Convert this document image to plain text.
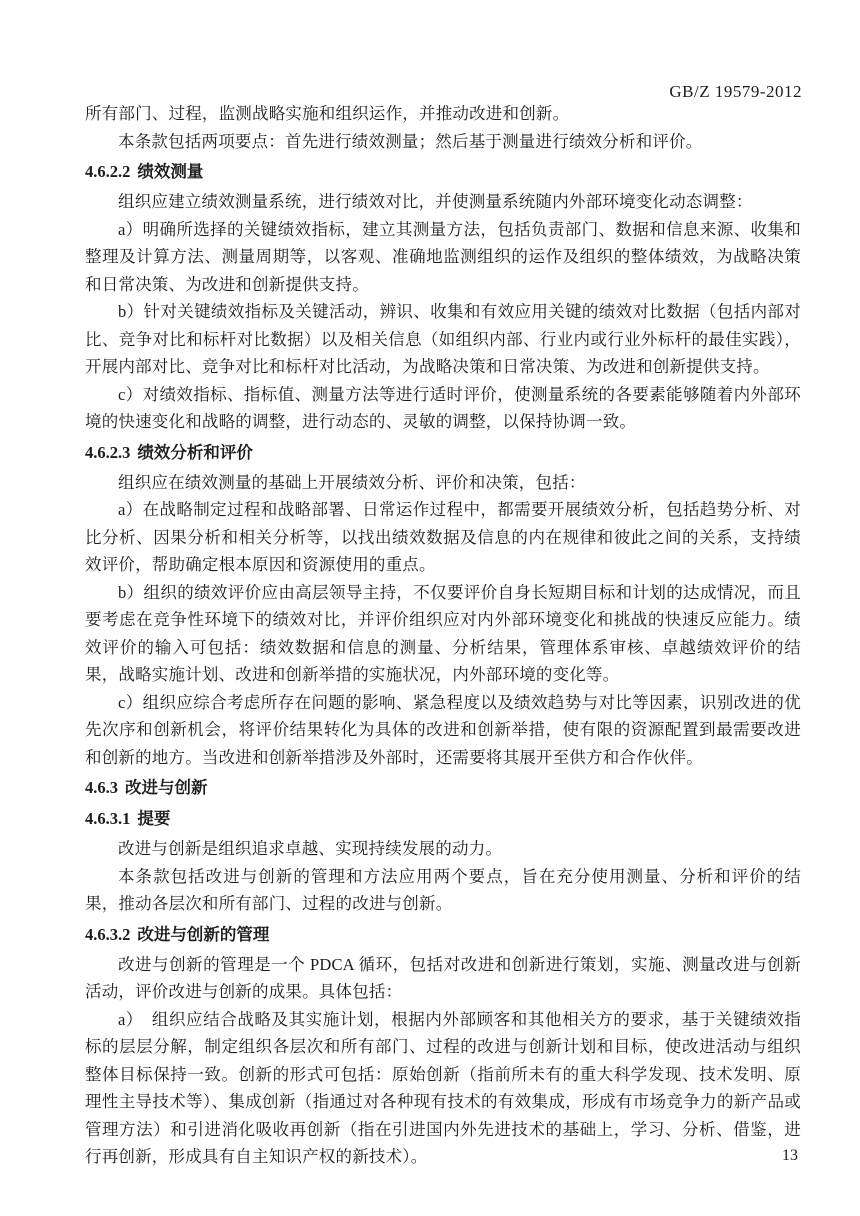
GB/Z 19579-2012

所有部门、过程，监测战略实施和组织运作，并推动改进和创新。

本条款包括两项要点：首先进行绩效测量；然后基于测量进行绩效分析和评价。

4.6.2.2 绩效测量

组织应建立绩效测量系统，进行绩效对比，并使测量系统随内外部环境变化动态调整：

a）明确所选择的关键绩效指标，建立其测量方法，包括负责部门、数据和信息来源、收集和整理及计算方法、测量周期等，以客观、准确地监测组织的运作及组织的整体绩效，为战略决策和日常决策、为改进和创新提供支持。

b）针对关键绩效指标及关键活动，辨识、收集和有效应用关键的绩效对比数据（包括内部对比、竞争对比和标杆对比数据）以及相关信息（如组织内部、行业内或行业外标杆的最佳实践），开展内部对比、竞争对比和标杆对比活动，为战略决策和日常决策、为改进和创新提供支持。

c）对绩效指标、指标值、测量方法等进行适时评价，使测量系统的各要素能够随着内外部环境的快速变化和战略的调整，进行动态的、灵敏的调整，以保持协调一致。

4.6.2.3 绩效分析和评价

组织应在绩效测量的基础上开展绩效分析、评价和决策，包括：

a）在战略制定过程和战略部署、日常运作过程中，都需要开展绩效分析，包括趋势分析、对比分析、因果分析和相关分析等，以找出绩效数据及信息的内在规律和彼此之间的关系，支持绩效评价，帮助确定根本原因和资源使用的重点。

b）组织的绩效评价应由高层领导主持，不仅要评价自身长短期目标和计划的达成情况，而且要考虑在竞争性环境下的绩效对比，并评价组织应对内外部环境变化和挑战的快速反应能力。绩效评价的输入可包括：绩效数据和信息的测量、分析结果，管理体系审核、卓越绩效评价的结果，战略实施计划、改进和创新举措的实施状况，内外部环境的变化等。

c）组织应综合考虑所存在问题的影响、紧急程度以及绩效趋势与对比等因素，识别改进的优先次序和创新机会，将评价结果转化为具体的改进和创新举措，使有限的资源配置到最需要改进和创新的地方。当改进和创新举措涉及外部时，还需要将其展开至供方和合作伙伴。

4.6.3 改进与创新
4.6.3.1 提要

改进与创新是组织追求卓越、实现持续发展的动力。

本条款包括改进与创新的管理和方法应用两个要点，旨在充分使用测量、分析和评价的结果，推动各层次和所有部门、过程的改进与创新。

4.6.3.2 改进与创新的管理

改进与创新的管理是一个 PDCA 循环，包括对改进和创新进行策划，实施、测量改进与创新活动，评价改进与创新的成果。具体包括：

a）　组织应结合战略及其实施计划，根据内外部顾客和其他相关方的要求，基于关键绩效指标的层层分解，制定组织各层次和所有部门、过程的改进与创新计划和目标，使改进活动与组织整体目标保持一致。创新的形式可包括：原始创新（指前所未有的重大科学发现、技术发明、原理性主导技术等）、集成创新（指通过对各种现有技术的有效集成，形成有市场竞争力的新产品或管理方法）和引进消化吸收再创新（指在引进国内外先进技术的基础上，学习、分析、借鉴，进行再创新，形成具有自主知识产权的新技术）。	13
